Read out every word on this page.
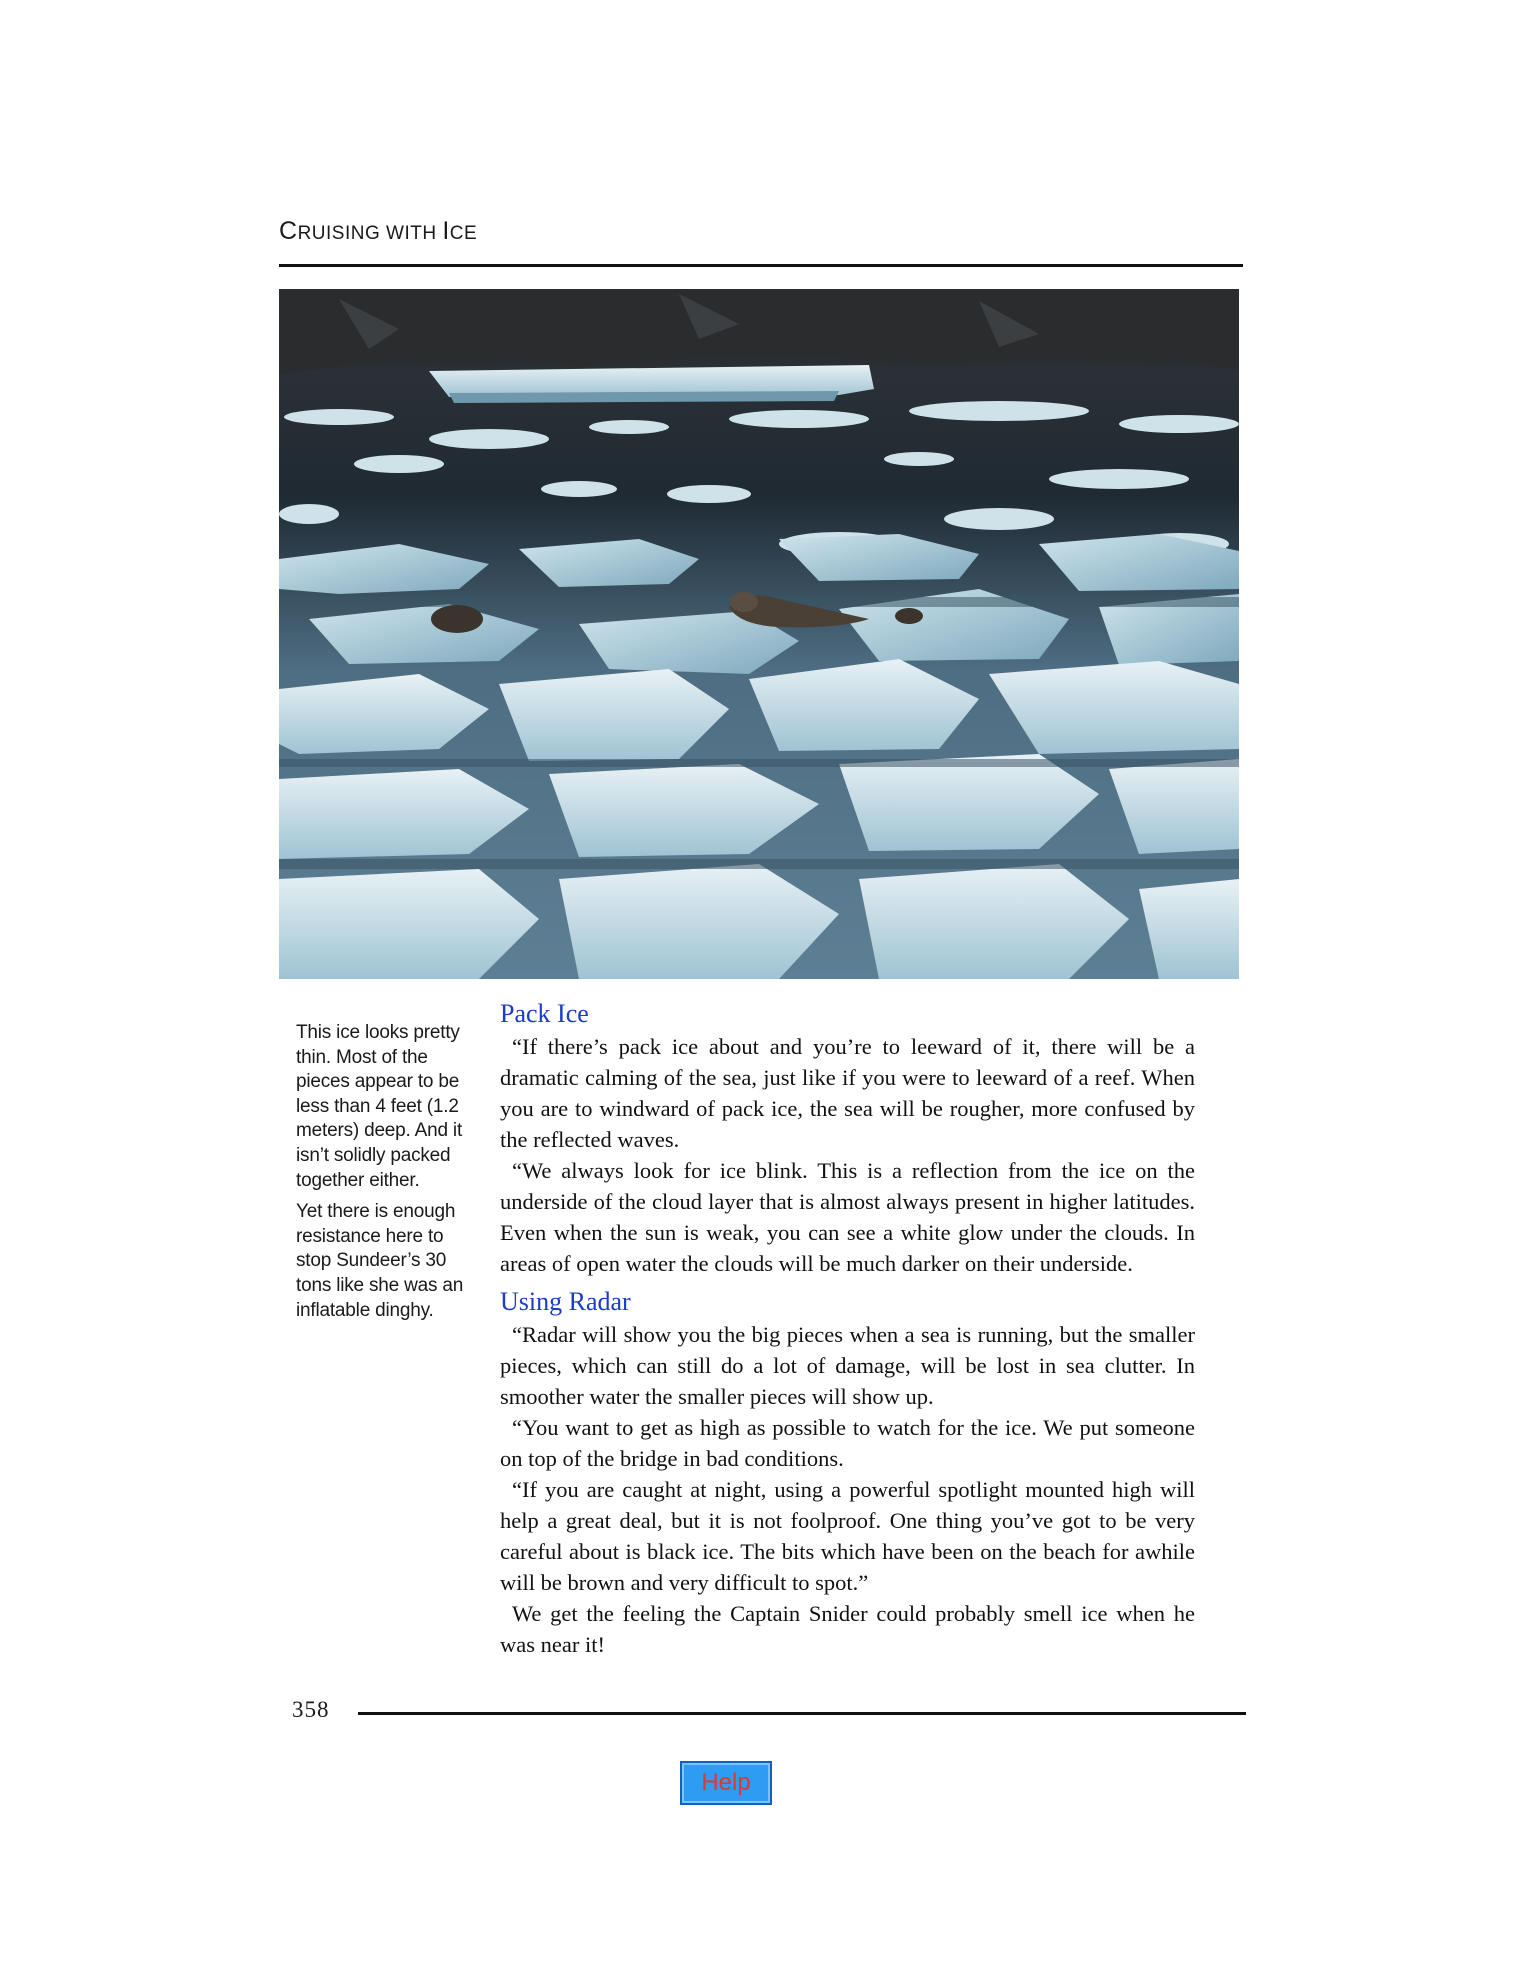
CRUISING WITH ICE

This ice looks pretty thin. Most of the pieces appear to be less than 4 feet (1.2 meters) deep. And it isn’t solidly packed together either.

Yet there is enough resistance here to stop Sundeer’s 30 tons like she was an inflatable dinghy.

Pack Ice

“If there’s pack ice about and you’re to leeward of it, there will be a dramatic calming of the sea, just like if you were to leeward of a reef. When you are to windward of pack ice, the sea will be rougher, more confused by the reflected waves.

“We always look for ice blink. This is a reflection from the ice on the underside of the cloud layer that is almost always present in higher latitudes. Even when the sun is weak, you can see a white glow under the clouds. In areas of open water the clouds will be much darker on their underside.

Using Radar

“Radar will show you the big pieces when a sea is running, but the smaller pieces, which can still do a lot of damage, will be lost in sea clutter. In smoother water the smaller pieces will show up.

“You want to get as high as possible to watch for the ice. We put someone on top of the bridge in bad conditions.

“If you are caught at night, using a powerful spotlight mounted high will help a great deal, but it is not foolproof. One thing you’ve got to be very careful about is black ice. The bits which have been on the beach for awhile will be brown and very difficult to spot.”

We get the feeling the Captain Snider could probably smell ice when he was near it!

358
Help
